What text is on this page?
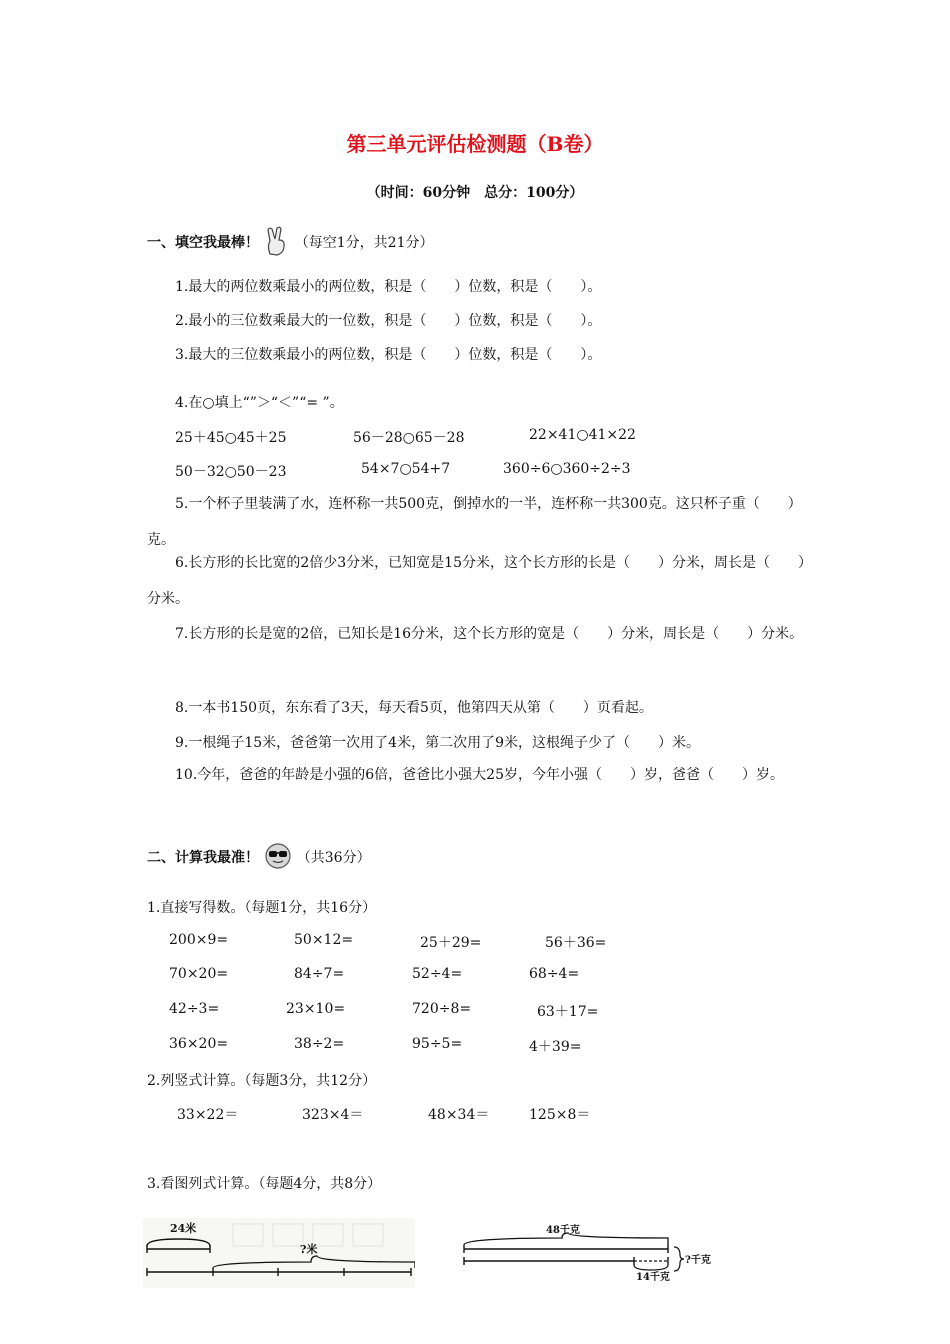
第三单元评估检测题（B卷）
（时间：60分钟　总分：100分）
一、填空我最棒！	（每空1分，共21分）
1.最大的两位数乘最小的两位数，积是（　　）位数，积是（　　）。
2.最小的三位数乘最大的一位数，积是（　　）位数，积是（　　）。
3.最大的三位数乘最小的两位数，积是（　　）位数，积是（　　）。
4.在○填上“”＞“＜”“= ”。
25＋45○45＋25	56－28○65－28	22×41○41×22
50－32○50－23	54×7○54+7	360÷6○360÷2÷3
5.一个杯子里装满了水，连杯称一共500克，倒掉水的一半，连杯称一共300克。这只杯子重（　　）克。
6.长方形的长比宽的2倍少3分米，已知宽是15分米，这个长方形的长是（　　）分米，周长是（　　）分米。
7.长方形的长是宽的2倍，已知长是16分米，这个长方形的宽是（　　）分米，周长是（　　）分米。
8.一本书150页，东东看了3天，每天看5页，他第四天从第（　　）页看起。
9.一根绳子15米，爸爸第一次用了4米，第二次用了9米，这根绳子少了（　　）米。
10.今年，爸爸的年龄是小强的6倍，爸爸比小强大25岁，今年小强（　　）岁，爸爸（　　）岁。
二、计算我最准！	（共36分）
1.直接写得数。（每题1分，共16分）
200×9=	50×12=	25＋29=	56＋36=
70×20=	84÷7=	52÷4=	68÷4=
42÷3=	23×10=	720÷8=	63＋17=
36×20=	38÷2=	95÷5=	4＋39=
2.列竖式计算。（每题3分，共12分）
33×22＝	323×4＝	48×34＝	125×8＝
3.看图列式计算。（每题4分，共8分）
24米
?米
48千克
14千克
?千克
